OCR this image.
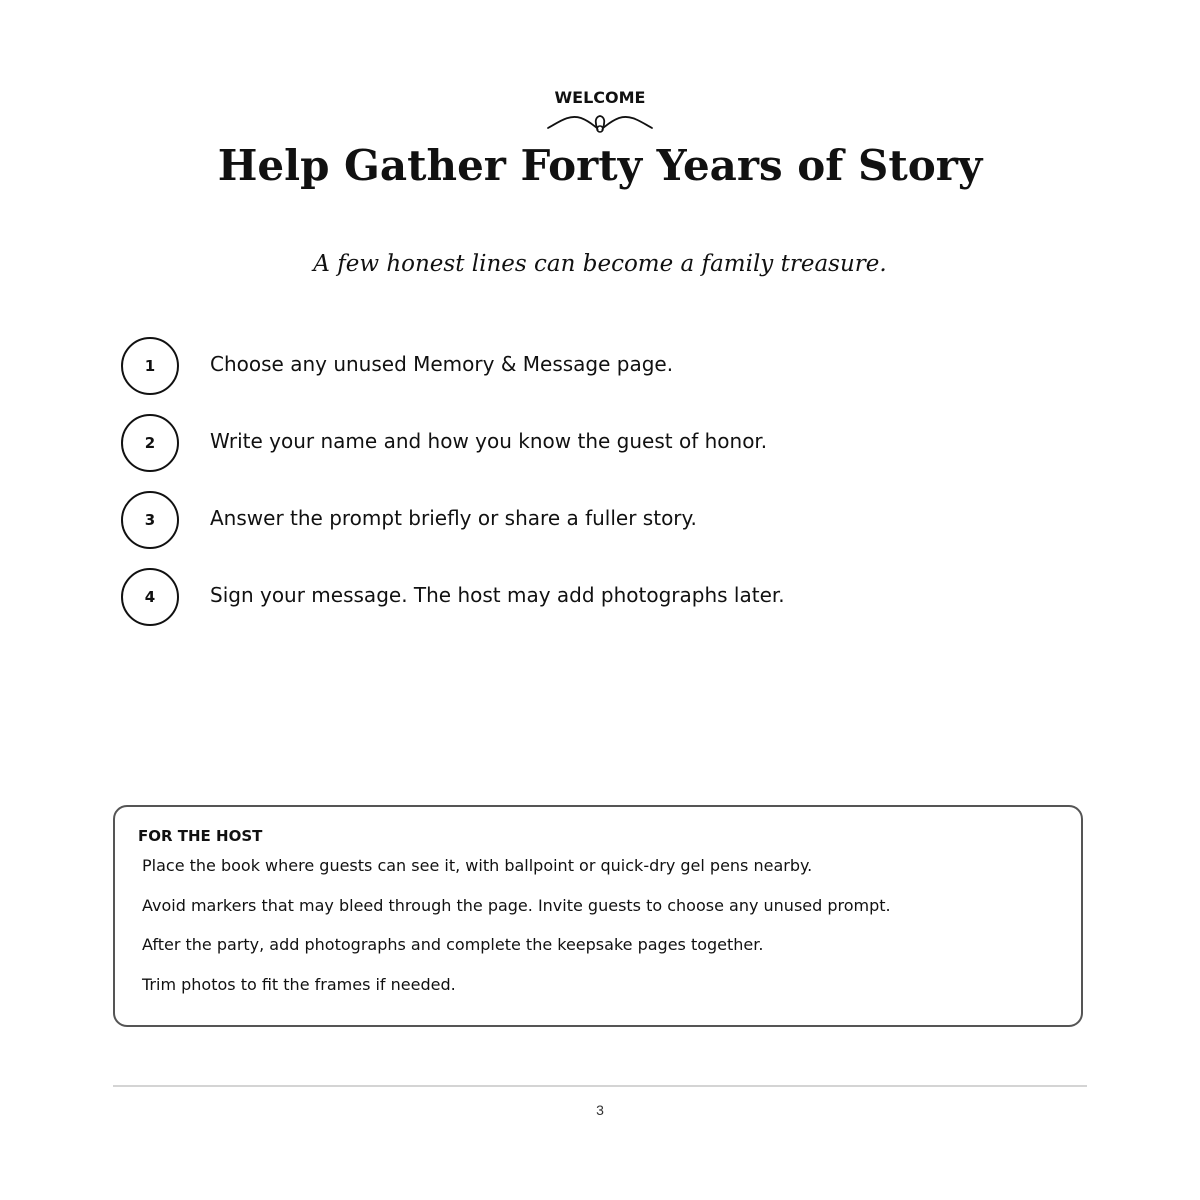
WELCOME
Help Gather Forty Years of Story
A few honest lines can become a family treasure.
1	Choose any unused Memory & Message page.
2	Write your name and how you know the guest of honor.
3	Answer the prompt briefly or share a fuller story.
4	Sign your message. The host may add photographs later.
FOR THE HOST
Place the book where guests can see it, with ballpoint or quick-dry gel pens nearby.
Avoid markers that may bleed through the page. Invite guests to choose any unused prompt.
After the party, add photographs and complete the keepsake pages together.
Trim photos to fit the frames if needed.
3
